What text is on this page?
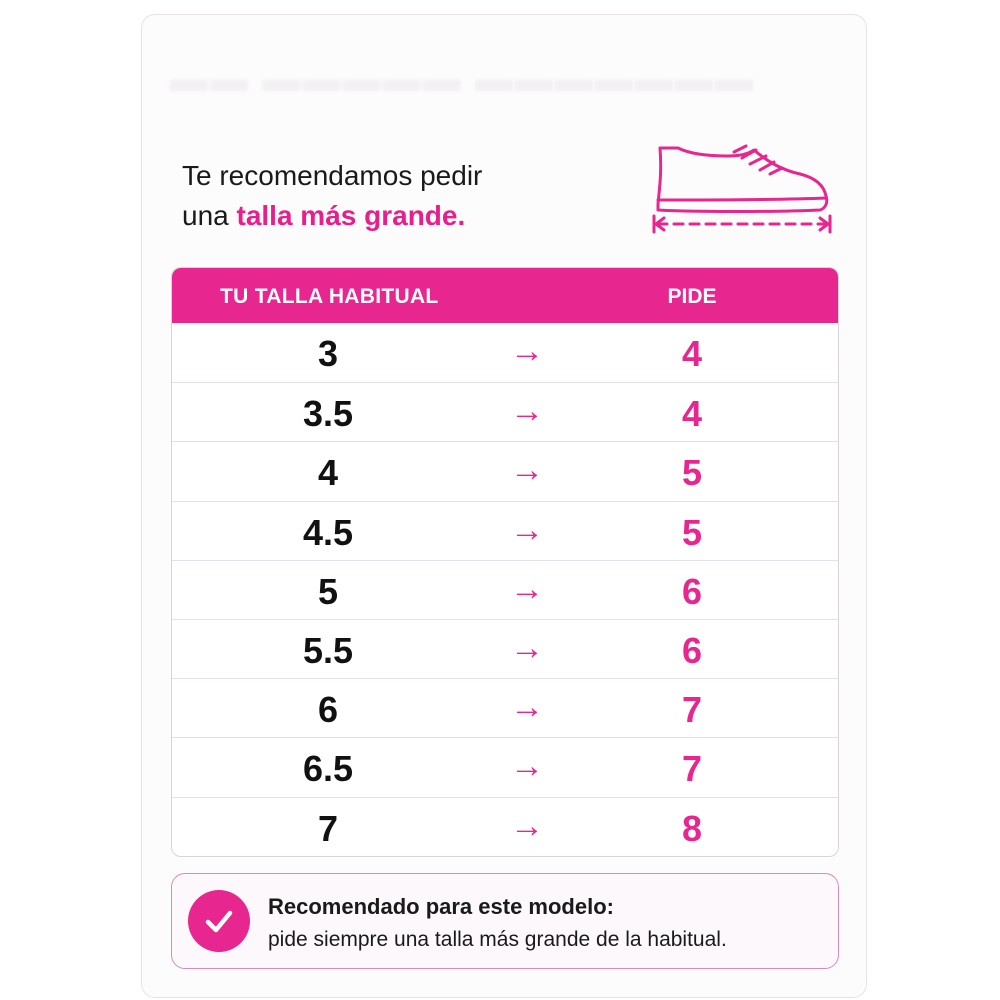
▬▬ ▬▬▬▬▬ ▬▬▬▬▬▬▬
Te recomendamos pedir
una talla más grande.
TU TALLA HABITUAL	PIDE
3	→	4
3.5	→	4
4	→	5
4.5	→	5
5	→	6
5.5	→	6
6	→	7
6.5	→	7
7	→	8
Recomendado para este modelo:
pide siempre una talla más grande de la habitual.
